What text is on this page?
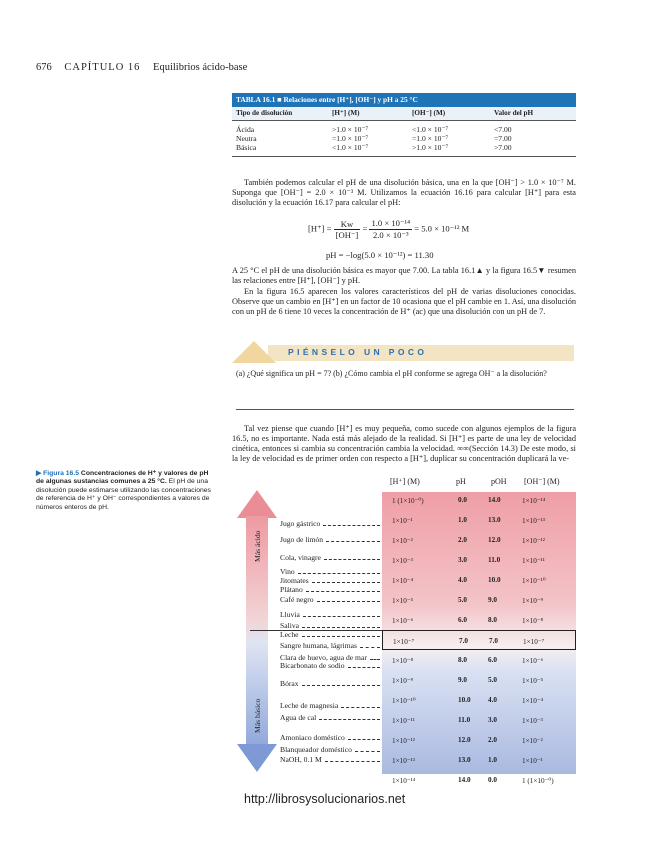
676 CAPÍTULO 16 Equilibrios ácido-base
TABLA 16.1 ■ Relaciones entre [H⁺], [OH⁻] y pH a 25 °C
Tipo de disolución	[H⁺] (M)	[OH⁻] (M)	Valor del pH
Ácida	>1.0 × 10⁻⁷	<1.0 × 10⁻⁷	<7.00
Neutra	=1.0 × 10⁻⁷	=1.0 × 10⁻⁷	=7.00
Básica	<1.0 × 10⁻⁷	>1.0 × 10⁻⁷	>7.00
También podemos calcular el pH de una disolución básica, una en la que [OH⁻] > 1.0 × 10⁻⁷ M. Suponga que [OH⁻] = 2.0 × 10⁻³ M. Utilizamos la ecuación 16.16 para calcular [H⁺] para esta disolución y la ecuación 16.17 para calcular el pH:
$[H^+] = \frac{Kw}{[OH^-]} = \frac{\text{1.0 × 10⁻¹⁴}}{\text{2.0 × 10⁻³}} = 5.0 \times 10^{-12}$ M
pH = −log(5.0 × 10⁻¹²) = 11.30
A 25 °C el pH de una disolución básica es mayor que 7.00. La tabla 16.1▲ y la figura 16.5▼ resumen las relaciones entre [H⁺], [OH⁻] y pH.
En la figura 16.5 aparecen los valores característicos del pH de varias disoluciones conocidas. Observe que un cambio en [H⁺] en un factor de 10 ocasiona que el pH cambie en 1. Así, una disolución con un pH de 6 tiene 10 veces la concentración de H⁺ (ac) que una disolución con un pH de 7.
PIÉNSELO UN POCO
(a) ¿Qué significa un pH = 7? (b) ¿Cómo cambia el pH conforme se agrega OH⁻ a la disolución?
Tal vez piense que cuando [H⁺] es muy pequeña, como sucede con algunos ejemplos de la figura 16.5, no es importante. Nada está más alejado de la realidad. Si [H⁺] es parte de una ley de velocidad cinética, entonces si cambia su concentración cambia la velocidad. ∞∞(Sección 14.3) De este modo, si la ley de velocidad es de primer orden con respecto a [H⁺], duplicar su concentración duplicará la ve-
▶ Figura 16.5 Concentraciones de H⁺ y valores de pH de algunas sustancias comunes a 25 °C. El pH de una disolución puede estimarse utilizando las concentraciones de referencia de H⁺ y OH⁻ correspondientes a valores de números enteros de pH.
[H⁺] (M)	pH	pOH [OH⁻] (M)
Más ácido
Más básico
1 (1×10⁻⁰)	0.0	14.0	1×10⁻¹⁴
1×10⁻¹	1.0	13.0	1×10⁻¹³
1×10⁻²	2.0	12.0	1×10⁻¹²
1×10⁻³	3.0	11.0	1×10⁻¹¹
1×10⁻⁴	4.0	10.0	1×10⁻¹⁰
1×10⁻⁵	5.0	9.0	1×10⁻⁹
1×10⁻⁶	6.0	8.0	1×10⁻⁸
1×10⁻⁷	7.0	7.0	1×10⁻⁷
1×10⁻⁸	8.0	6.0	1×10⁻⁶
1×10⁻⁹	9.0	5.0	1×10⁻⁵
1×10⁻¹⁰	10.0 4.0	1×10⁻⁴
1×10⁻¹¹	11.0 3.0	1×10⁻³
1×10⁻¹²	12.0 2.0	1×10⁻²
1×10⁻¹³	13.0 1.0	1×10⁻¹
1×10⁻¹⁴	14.0 0.0	1 (1×10⁻⁰)
Jugo gástrico
Jugo de limón
Cola, vinagre
Vino
Jitomates
Plátano
Café negro
Lluvia
Saliva
Leche
Sangre humana, lágrimas
Clara de huevo, agua de mar
Bicarbonato de sodio
Bórax
Leche de magnesia
Agua de cal
Amoniaco doméstico
Blanqueador doméstico
NaOH, 0.1 M
http://librosysolucionarios.net
